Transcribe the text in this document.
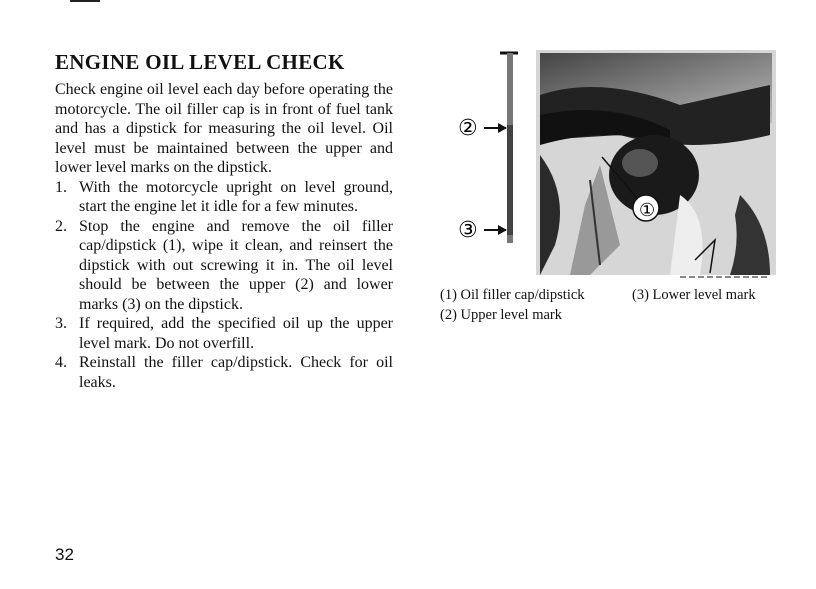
ENGINE OIL LEVEL CHECK

Check engine oil level each day before operating the motorcycle. The oil filler cap is in front of fuel tank and has a dipstick for measuring the oil level. Oil level must be maintained between the upper and lower level marks on the dipstick.

1. With the motorcycle upright on level ground, start the engine let it idle for a few minutes.
2. Stop the engine and remove the oil filler cap/dipstick (1), wipe it clean, and reinsert the dipstick with out screwing it in. The oil level should be between the upper (2) and lower marks (3) on the dipstick.
3. If required, add the specified oil up the upper level mark. Do not overfill.
4. Reinstall the filler cap/dipstick. Check for oil leaks.
②
③
①
(1) Oil filler cap/dipstick	(3) Lower level mark
(2) Upper level mark
32
